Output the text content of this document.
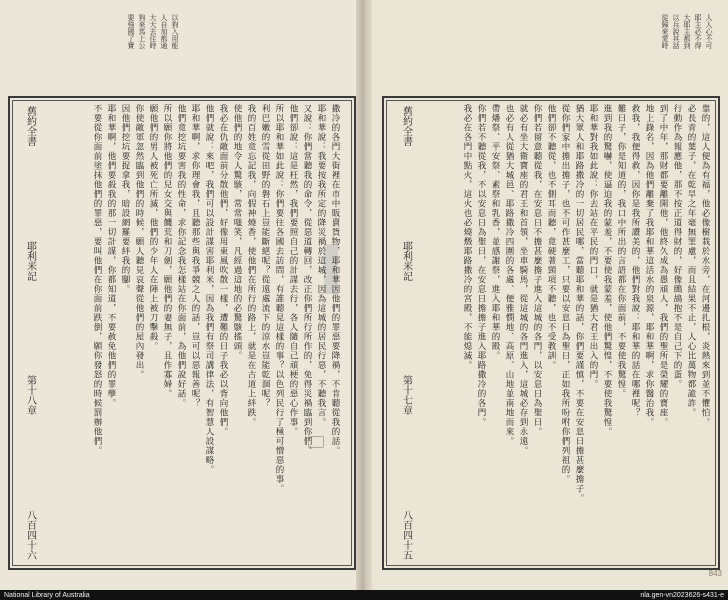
以狗入用能
人自加都通
大大去往時
狗來馬上公
要強國了寶
舊約全書
耶利米記
第十八章
八百四十六
撒冷的各門大街裡在市中販賣貨物，耶和華因他們的罪惡要降禍，不肯聽從我的話。
耶和華說：我要按我所定的降災禍於這城，因為這城的居民行惡，不聽我言。
又說：你們當聽我的命令，從惡道轉回，改正你們所行所作的，免得災禍臨到你們。
他們卻說：這是枉然，我們要照自己的計謀去行，各人隨自己頑梗的惡心作事。
所以耶和華如此說：你們要往各國去訪問，有誰聽見這樣的事？以色列民行了極可憎惡的事。
利巴嫩的雪從田野的磐石上豈能斷絕呢？從遠處流下的涼水豈能乾涸呢？
我的百姓竟忘記我，向假神燒香，使他們在所行的路上，就是在古道上絆跌。
使他們的地令人驚駭，常常嗤笑，凡經過這地的必驚駭搖頭。
我必在仇敵面前分散他們，好像用東風吹散一樣，遭難的日子我必以背向他們。
他們就說：來吧，我們可以設計謀害耶利米，因為我們有祭司講律法，有智慧人設謀略。
耶和華啊，求你理會我，且聽那些與我爭競之人的話，豈可以惡報善呢？
他們竟挖坑要害我的性命，求你記念我怎樣站在你面前，為他們說好話。
所以願你將他們的兒女交與饑荒和刀劍，願他們的妻無子，且作寡婦。
願他們的男人被死亡所滅，他們的少年人在陣上被刀擊殺。
你使敵軍忽然臨到他們的時候，願人聽見哀聲從他們的屋內發出。
因他們挖坑要捉拿我，暗設網羅要絆我的腳。
耶和華啊，他們要殺我的那一切計謀，你都知道，不要赦免他們的罪孽。
不要從你面前塗抹他們的罪惡，要叫他們在你面前跌倒，願你發怒的時候罰辦他們。
人人心不可
耶主必不得
大耶主都到
以兵說其話
從歸來愛時
舊約全書
耶利米記
第十七章
八百四十五
靠的，這人便為有福，他必像樹栽於水旁，在河邊扎根，炎熱來到並不懼怕。
必長青的葉子，在乾旱之年毫無罣慮，而且結果不止，人心比萬物都詭詐。
行動作為報應他，那不按正道得財的，好像鷓鴣抱不是自己下的蛋。
到了中年，那財都要離開他，他終久成為愚頑人，我們的聖所是榮耀的寶座。
地上錄名，因為他們離棄了我耶和華這活水的泉源，耶和華啊，求你醫治我。
救我，我便得救，因你是我所讚美的，他們對我說：耶和華的話在哪裡呢？
難日子，你是知道的，我口中所出的言語都在你面前，不要使我驚惶。
進到我的驚嚇，使逼迫我的蒙羞，不要使我蒙羞，使他們驚惶，不要使我驚惶。
耶和華對我如此說：你去站在平民的門口，就是猶大君王出入的門。
猶大眾人和耶路撒冷的一切居民哪，當聽耶和華的話，你們要謹慎，不要在安息日擔甚麼擔子。
從你們家中擔出擔子，也不可作甚麼工，只要以安息日為聖日，正如我所吩咐你們列祖的。
他們卻不聽從，也不側耳而聽，竟硬著頸項不聽，也不受教訓。
你們若留意聽從我，在安息日不擔甚麼擔子進入這城的各門，以安息日為聖日。
就必有坐大衛寶座的君王和首領，坐車騎馬，從這城的各門進入，這城必存到永遠。
也必有人從猶大城邑、耶路撒冷四圍的各處、便雅憫地、高原、山地並南地而來。
帶燔祭、平安祭、素祭和乳香，並感謝祭，進入耶和華的殿。
你們若不聽從我，不以安息日為聖日，在安息日擔擔子進入耶路撒冷的各門。
我必在各門中點火，這火也必燒燬耶路撒冷的宮殿，不能熄滅。
843
National Library of Australia	nla.gen-vn2023626-s431-e
